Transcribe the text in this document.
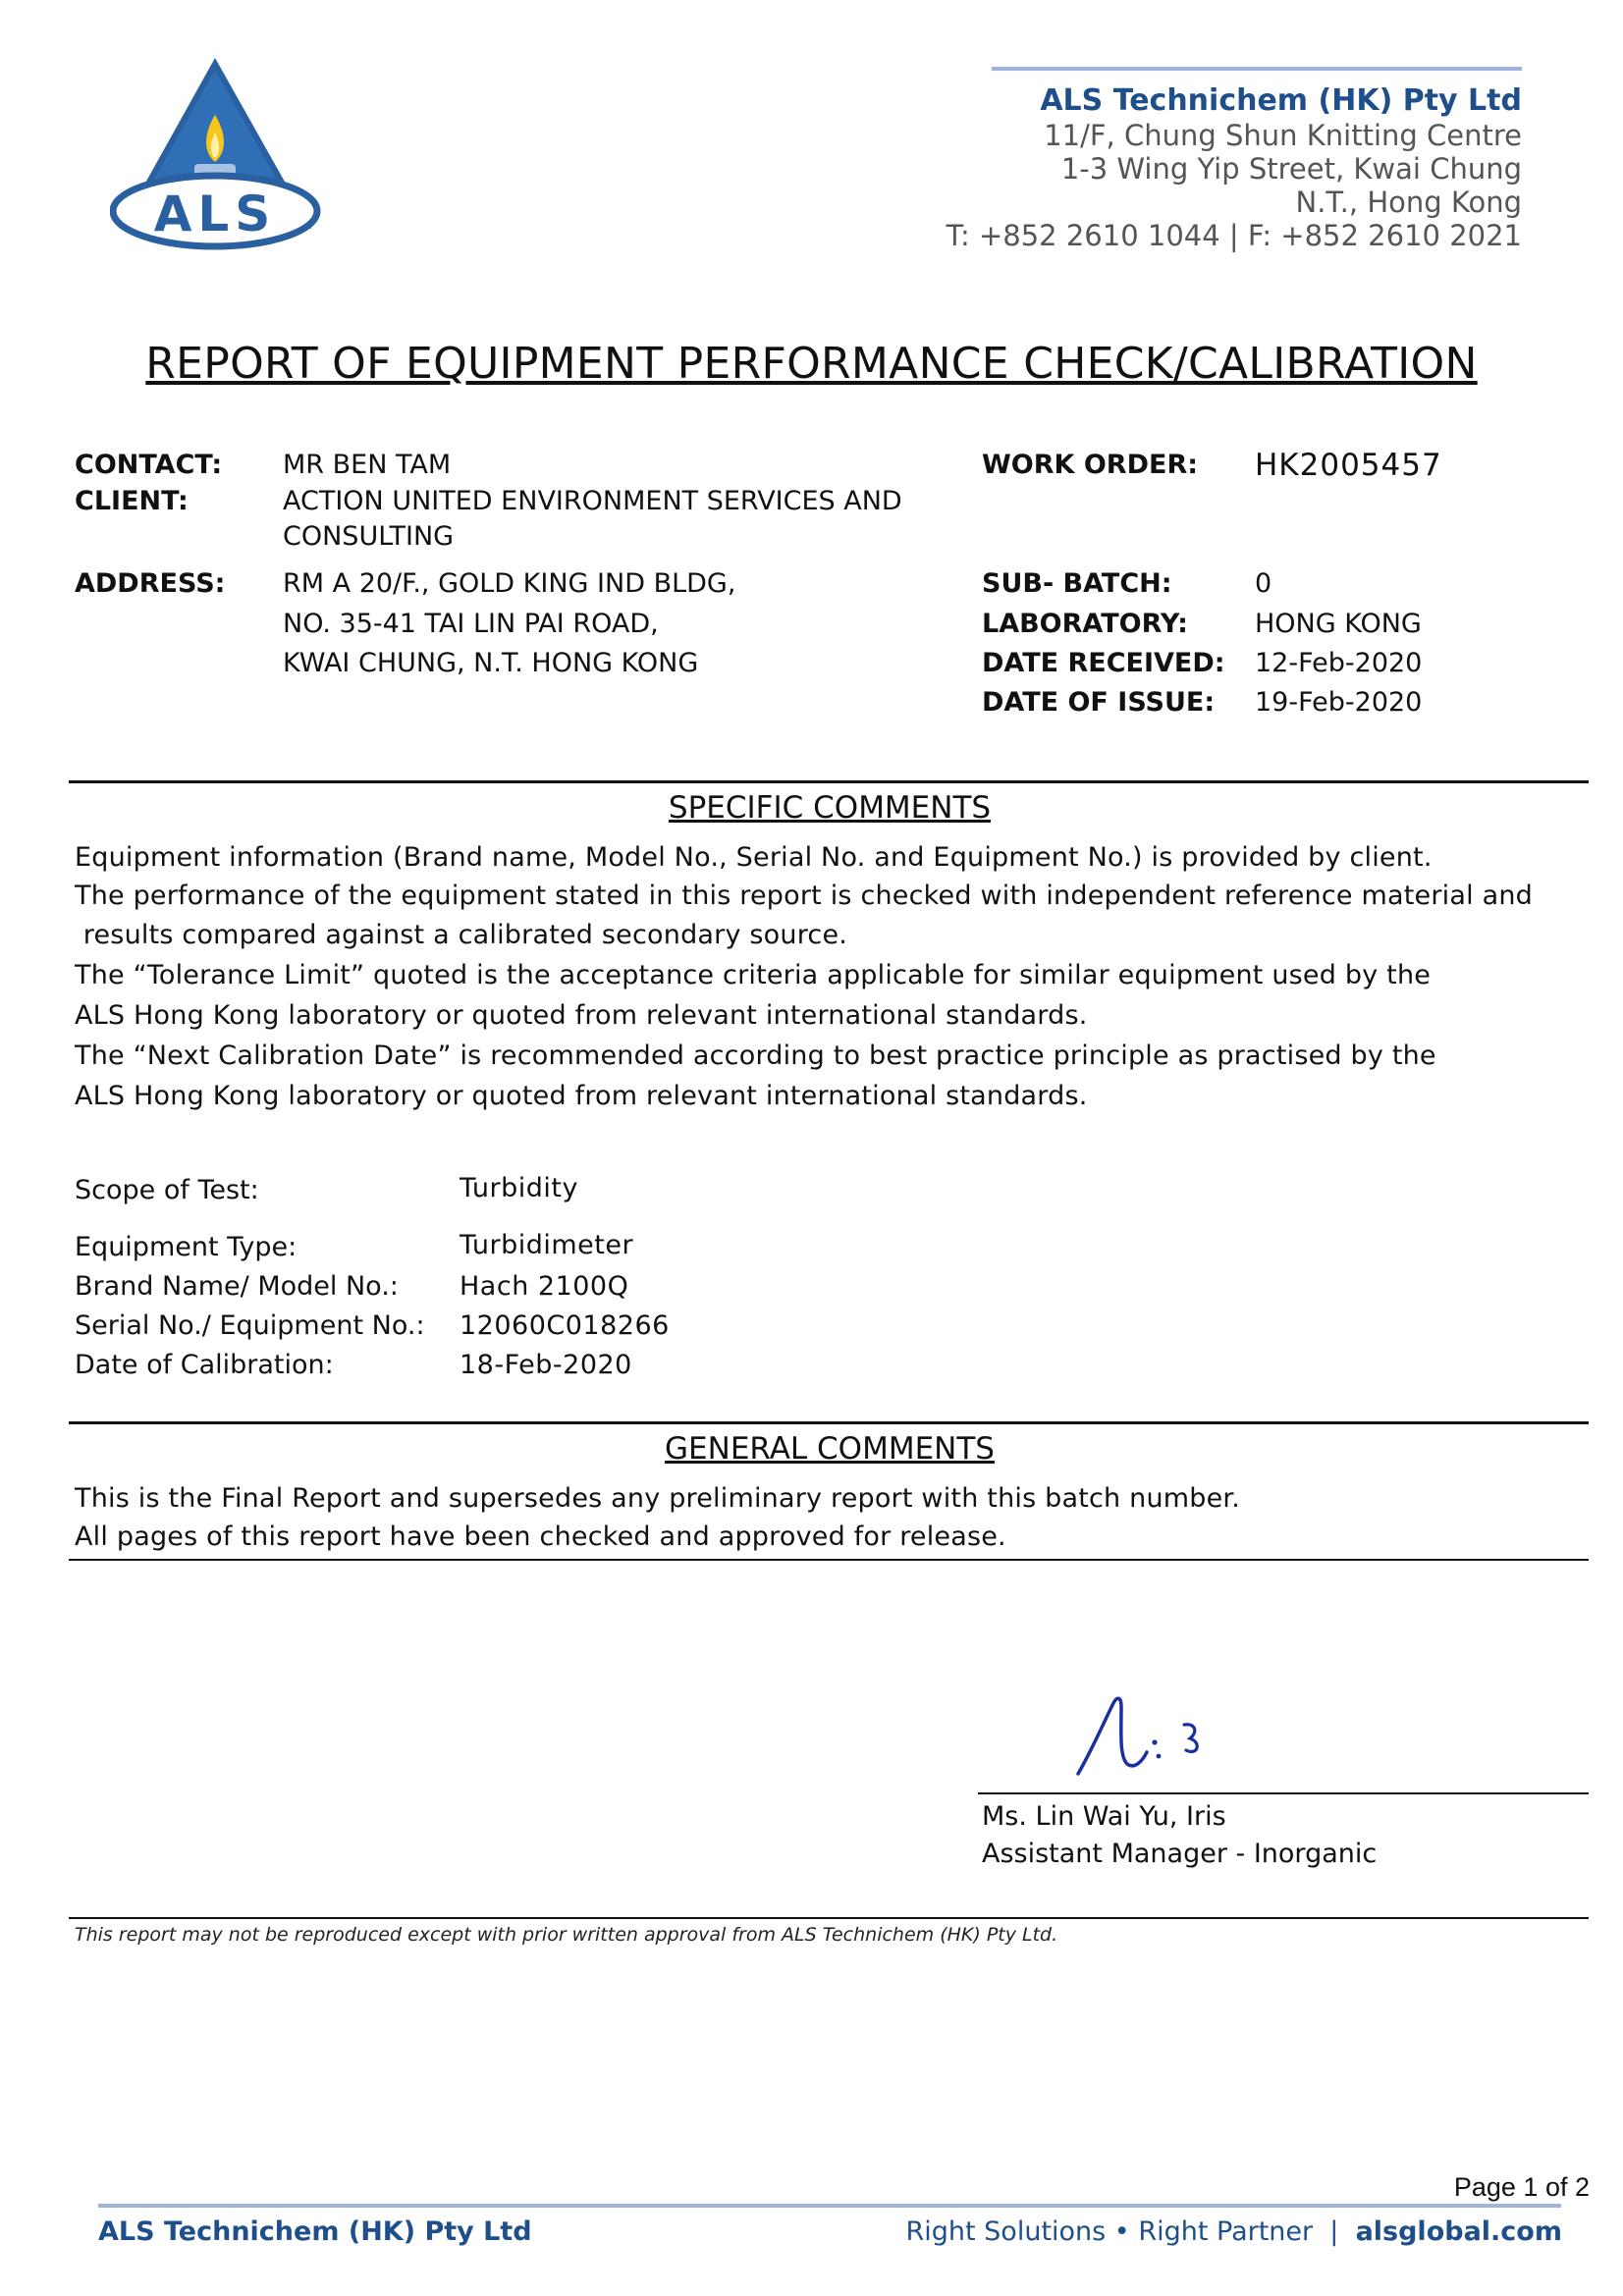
ALS
ALS Technichem (HK) Pty Ltd
11/F, Chung Shun Knitting Centre
1-3 Wing Yip Street, Kwai Chung
N.T., Hong Kong
T: +852 2610 1044 | F: +852 2610 2021
REPORT OF EQUIPMENT PERFORMANCE CHECK/CALIBRATION
CONTACT: MR BEN TAM
CLIENT:	ACTION UNITED ENVIRONMENT SERVICES AND
CONSULTING
ADDRESS: RM A 20/F., GOLD KING IND BLDG,
NO. 35-41 TAI LIN PAI ROAD,
KWAI CHUNG, N.T. HONG KONG
WORK ORDER: HK2005457
SUB- BATCH:	0
LABORATORY:	HONG KONG
DATE RECEIVED: 12-Feb-2020
DATE OF ISSUE: 19-Feb-2020
SPECIFIC COMMENTS
Equipment information (Brand name, Model No., Serial No. and Equipment No.) is provided by client.
The performance of the equipment stated in this report is checked with independent reference material and
results compared against a calibrated secondary source.
The “Tolerance Limit” quoted is the acceptance criteria applicable for similar equipment used by the
ALS Hong Kong laboratory or quoted from relevant international standards.
The “Next Calibration Date” is recommended according to best practice principle as practised by the
ALS Hong Kong laboratory or quoted from relevant international standards.
Scope of Test:	Turbidity
Equipment Type:	Turbidimeter
Brand Name/ Model No.: Hach 2100Q
Serial No./ Equipment No.: 12060C018266
Date of Calibration:	18-Feb-2020
GENERAL COMMENTS
This is the Final Report and supersedes any preliminary report with this batch number.
All pages of this report have been checked and approved for release.
Ms. Lin Wai Yu, Iris
Assistant Manager - Inorganic
This report may not be reproduced except with prior written approval from ALS Technichem (HK) Pty Ltd.
Page 1 of 2
ALS Technichem (HK) Pty Ltd	Right Solutions • Right Partner  |  alsglobal.com
